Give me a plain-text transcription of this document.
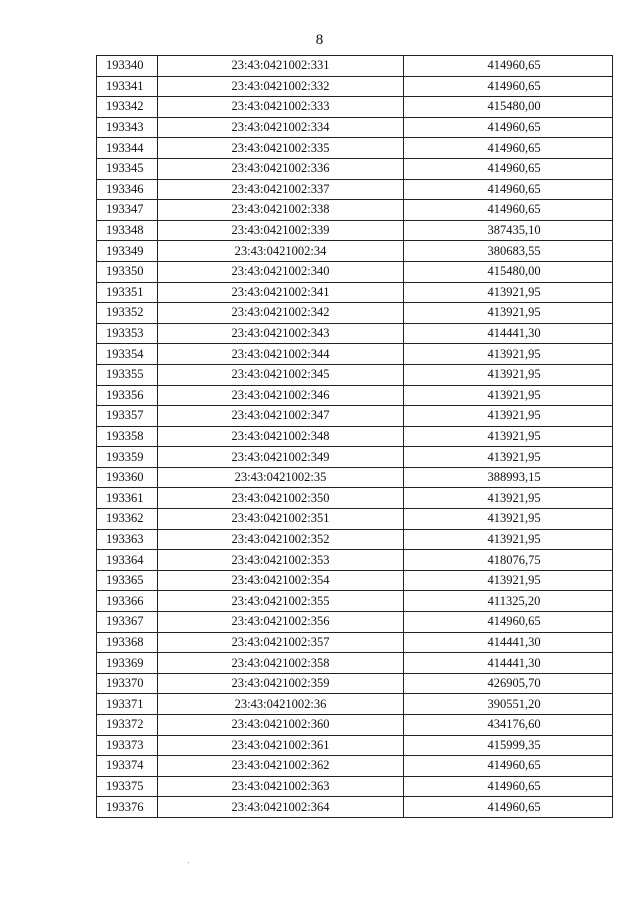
8
193340	23:43:0421002:331	414960,65
193341	23:43:0421002:332	414960,65
193342	23:43:0421002:333	415480,00
193343	23:43:0421002:334	414960,65
193344	23:43:0421002:335	414960,65
193345	23:43:0421002:336	414960,65
193346	23:43:0421002:337	414960,65
193347	23:43:0421002:338	414960,65
193348	23:43:0421002:339	387435,10
193349	23:43:0421002:34	380683,55
193350	23:43:0421002:340	415480,00
193351	23:43:0421002:341	413921,95
193352	23:43:0421002:342	413921,95
193353	23:43:0421002:343	414441,30
193354	23:43:0421002:344	413921,95
193355	23:43:0421002:345	413921,95
193356	23:43:0421002:346	413921,95
193357	23:43:0421002:347	413921,95
193358	23:43:0421002:348	413921,95
193359	23:43:0421002:349	413921,95
193360	23:43:0421002:35	388993,15
193361	23:43:0421002:350	413921,95
193362	23:43:0421002:351	413921,95
193363	23:43:0421002:352	413921,95
193364	23:43:0421002:353	418076,75
193365	23:43:0421002:354	413921,95
193366	23:43:0421002:355	411325,20
193367	23:43:0421002:356	414960,65
193368	23:43:0421002:357	414441,30
193369	23:43:0421002:358	414441,30
193370	23:43:0421002:359	426905,70
193371	23:43:0421002:36	390551,20
193372	23:43:0421002:360	434176,60
193373	23:43:0421002:361	415999,35
193374	23:43:0421002:362	414960,65
193375	23:43:0421002:363	414960,65
193376	23:43:0421002:364	414960,65
